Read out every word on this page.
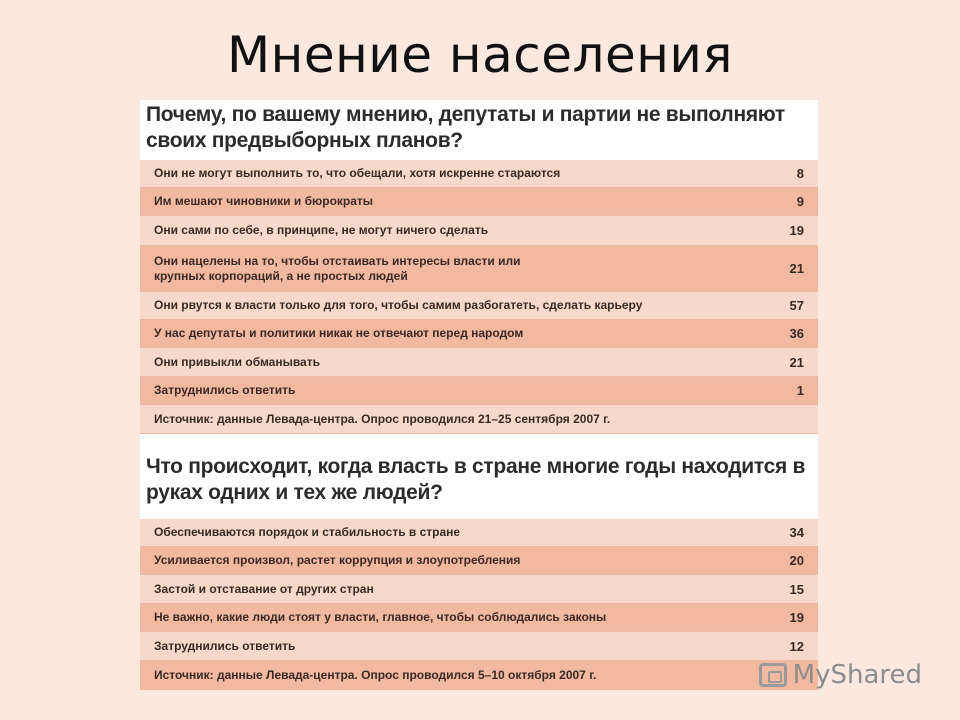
Мнение населения
Почему, по вашему мнению, депутаты и партии не выполняют своих предвыборных планов?
Они не могут выполнить то, что обещали, хотя искренне стараются	8
Им мешают чиновники и бюрократы	9
Они сами по себе, в принципе, не могут ничего сделать	19
Они нацелены на то, чтобы отстаивать интересы власти или крупных корпораций, а не простых людей	21
Они рвутся к власти только для того, чтобы самим разбогатеть, сделать карьеру	57
У нас депутаты и политики никак не отвечают перед народом	36
Они привыкли обманывать	21
Затруднились ответить	1
Источник: данные Левада-центра. Опрос проводился 21–25 сентября 2007 г.
Что происходит, когда власть в стране многие годы находится в руках одних и тех же людей?
Обеспечиваются порядок и стабильность в стране	34
Усиливается произвол, растет коррупция и злоупотребления	20
Застой и отставание от других стран	15
Не важно, какие люди стоят у власти, главное, чтобы соблюдались законы	19
Затруднились ответить	12
Источник: данные Левада-центра. Опрос проводился 5–10 октября 2007 г.	MyShared
